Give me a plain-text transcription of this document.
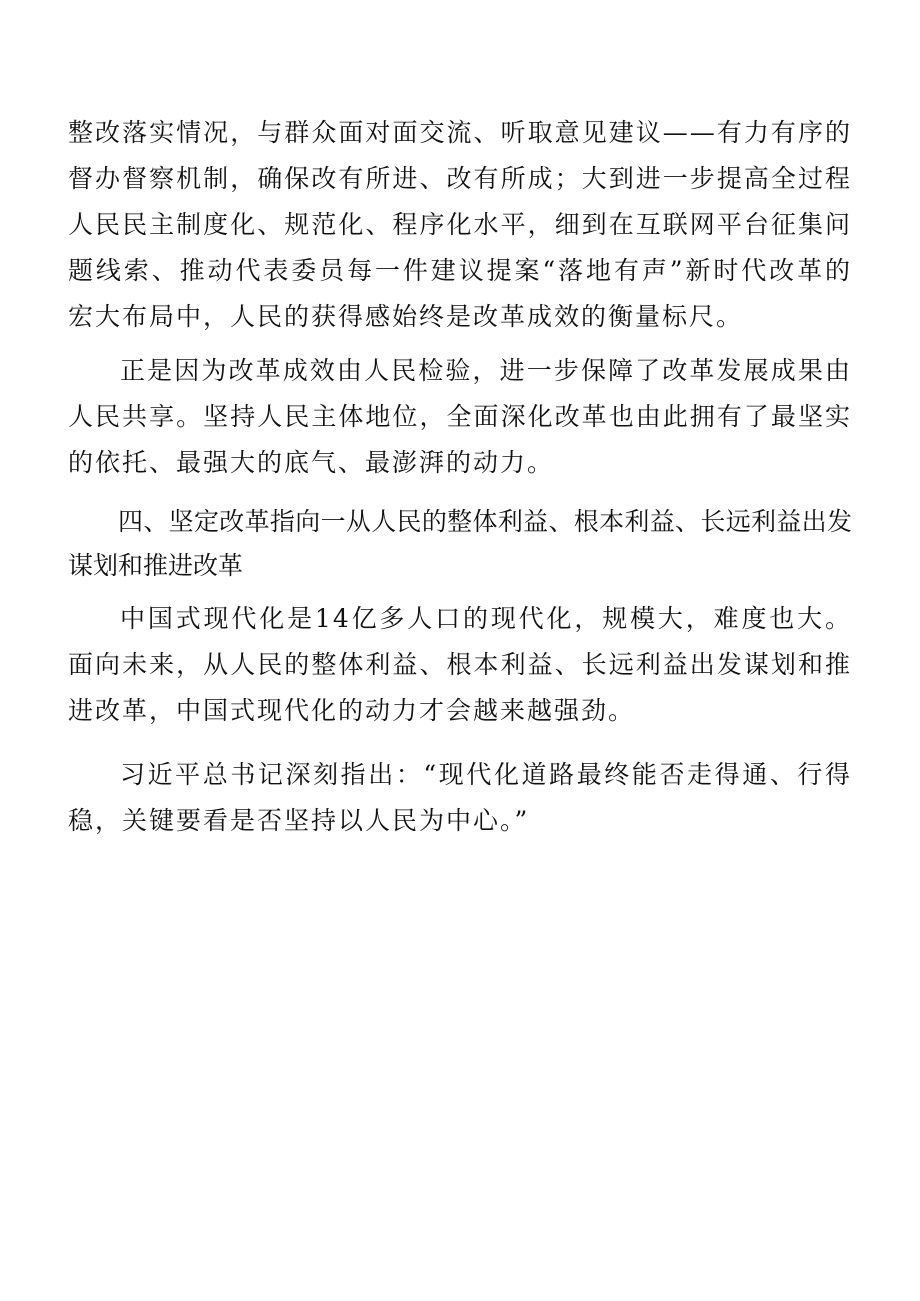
整改落实情况，与群众面对面交流、听取意见建议——有力有序的督办督察机制，确保改有所进、改有所成；大到进一步提高全过程人民民主制度化、规范化、程序化水平，细到在互联网平台征集问题线索、推动代表委员每一件建议提案“落地有声”新时代改革的宏大布局中，人民的获得感始终是改革成效的衡量标尺。

正是因为改革成效由人民检验，进一步保障了改革发展成果由人民共享。坚持人民主体地位，全面深化改革也由此拥有了最坚实的依托、最强大的底气、最澎湃的动力。

四、坚定改革指向一从人民的整体利益、根本利益、长远利益出发谋划和推进改革

中国式现代化是14亿多人口的现代化，规模大，难度也大。面向未来，从人民的整体利益、根本利益、长远利益出发谋划和推进改革，中国式现代化的动力才会越来越强劲。

习近平总书记深刻指出：“现代化道路最终能否走得通、行得稳，关键要看是否坚持以人民为中心。”
